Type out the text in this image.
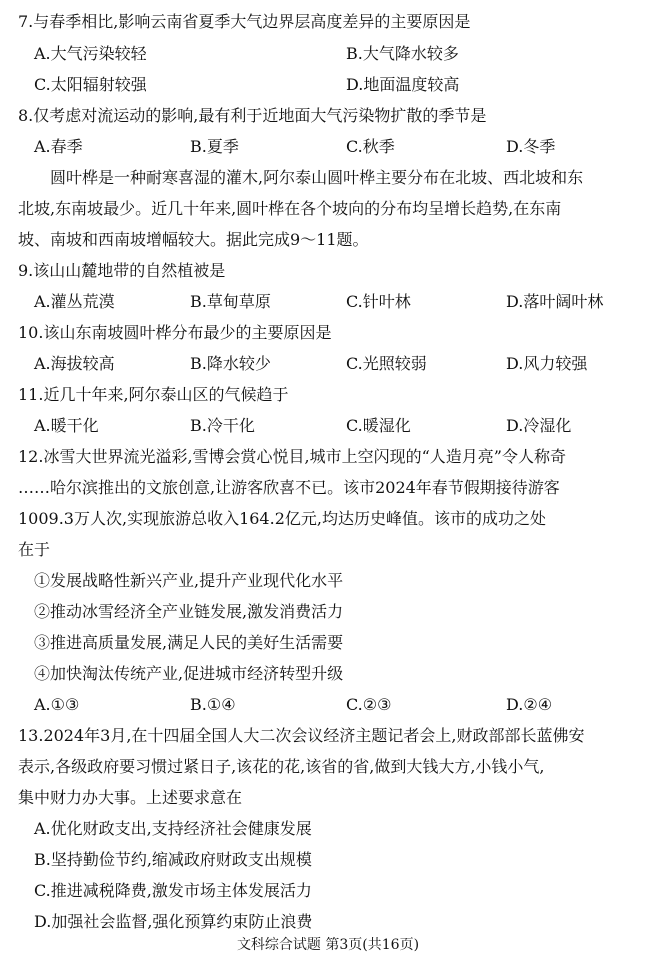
7.与春季相比,影响云南省夏季大气边界层高度差异的主要原因是
A.大气污染较轻	B.大气降水较多
C.太阳辐射较强	D.地面温度较高
8.仅考虑对流运动的影响,最有利于近地面大气污染物扩散的季节是
A.春季	B.夏季	C.秋季	D.冬季
圆叶桦是一种耐寒喜湿的灌木,阿尔泰山圆叶桦主要分布在北坡、西北坡和东
北坡,东南坡最少。近几十年来,圆叶桦在各个坡向的分布均呈增长趋势,在东南
坡、南坡和西南坡增幅较大。据此完成9～11题。
9.该山山麓地带的自然植被是
A.灌丛荒漠	B.草甸草原	C.针叶林	D.落叶阔叶林
10.该山东南坡圆叶桦分布最少的主要原因是
A.海拔较高	B.降水较少	C.光照较弱	D.风力较强
11.近几十年来,阿尔泰山区的气候趋于
A.暖干化	B.冷干化	C.暖湿化	D.冷湿化
12.冰雪大世界流光溢彩,雪博会赏心悦目,城市上空闪现的“人造月亮”令人称奇
……哈尔滨推出的文旅创意,让游客欣喜不已。该市2024年春节假期接待游客
1009.3万人次,实现旅游总收入164.2亿元,均达历史峰值。该市的成功之处
在于
①发展战略性新兴产业,提升产业现代化水平
②推动冰雪经济全产业链发展,激发消费活力
③推进高质量发展,满足人民的美好生活需要
④加快淘汰传统产业,促进城市经济转型升级
A.①③	B.①④	C.②③	D.②④
13.2024年3月,在十四届全国人大二次会议经济主题记者会上,财政部部长蓝佛安
表示,各级政府要习惯过紧日子,该花的花,该省的省,做到大钱大方,小钱小气,
集中财力办大事。上述要求意在
A.优化财政支出,支持经济社会健康发展
B.坚持勤俭节约,缩减政府财政支出规模
C.推进减税降费,激发市场主体发展活力
D.加强社会监督,强化预算约束防止浪费
文科综合试题 第3页(共16页)
